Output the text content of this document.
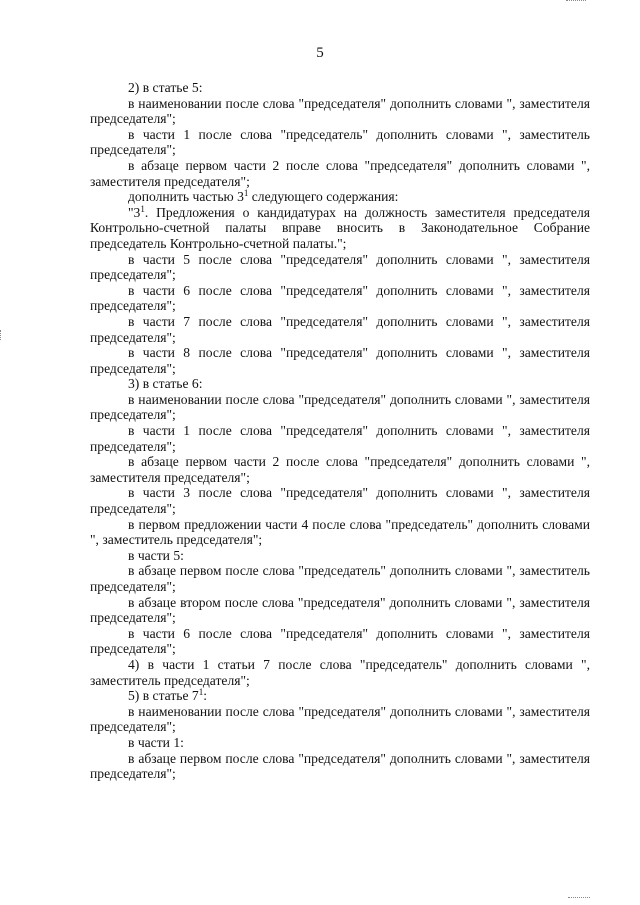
5

2) в статье 5:

в наименовании после слова "председателя" дополнить словами ", заместителя председателя";

в части 1 после слова "председатель" дополнить словами ", заместитель председателя";

в абзаце первом части 2 после слова "председателя" дополнить словами ", заместителя председателя";

дополнить частью $3^1$ следующего содержания:

"$3^1$. Предложения о кандидатурах на должность заместителя председателя Контрольно-счетной палаты вправе вносить в Законодательное Собрание председатель Контрольно-счетной палаты.";

в части 5 после слова "председателя" дополнить словами ", заместителя председателя";

в части 6 после слова "председателя" дополнить словами ", заместителя председателя";

в части 7 после слова "председателя" дополнить словами ", заместителя председателя";

в части 8 после слова "председателя" дополнить словами ", заместителя председателя";

3) в статье 6:

в наименовании после слова "председателя" дополнить словами ", заместителя председателя";

в части 1 после слова "председателя" дополнить словами ", заместителя председателя";

в абзаце первом части 2 после слова "председателя" дополнить словами ", заместителя председателя";

в части 3 после слова "председателя" дополнить словами ", заместителя председателя";

в первом предложении части 4 после слова "председатель" дополнить словами ", заместитель председателя";

в части 5:

в абзаце первом после слова "председатель" дополнить словами ", заместитель председателя";

в абзаце втором после слова "председателя" дополнить словами ", заместителя председателя";

в части 6 после слова "председателя" дополнить словами ", заместителя председателя";

4) в части 1 статьи 7 после слова "председатель" дополнить словами ", заместитель председателя";

5) в статье $7^1$:

в наименовании после слова "председателя" дополнить словами ", заместителя председателя";

в части 1:

в абзаце первом после слова "председателя" дополнить словами ", заместителя председателя";
